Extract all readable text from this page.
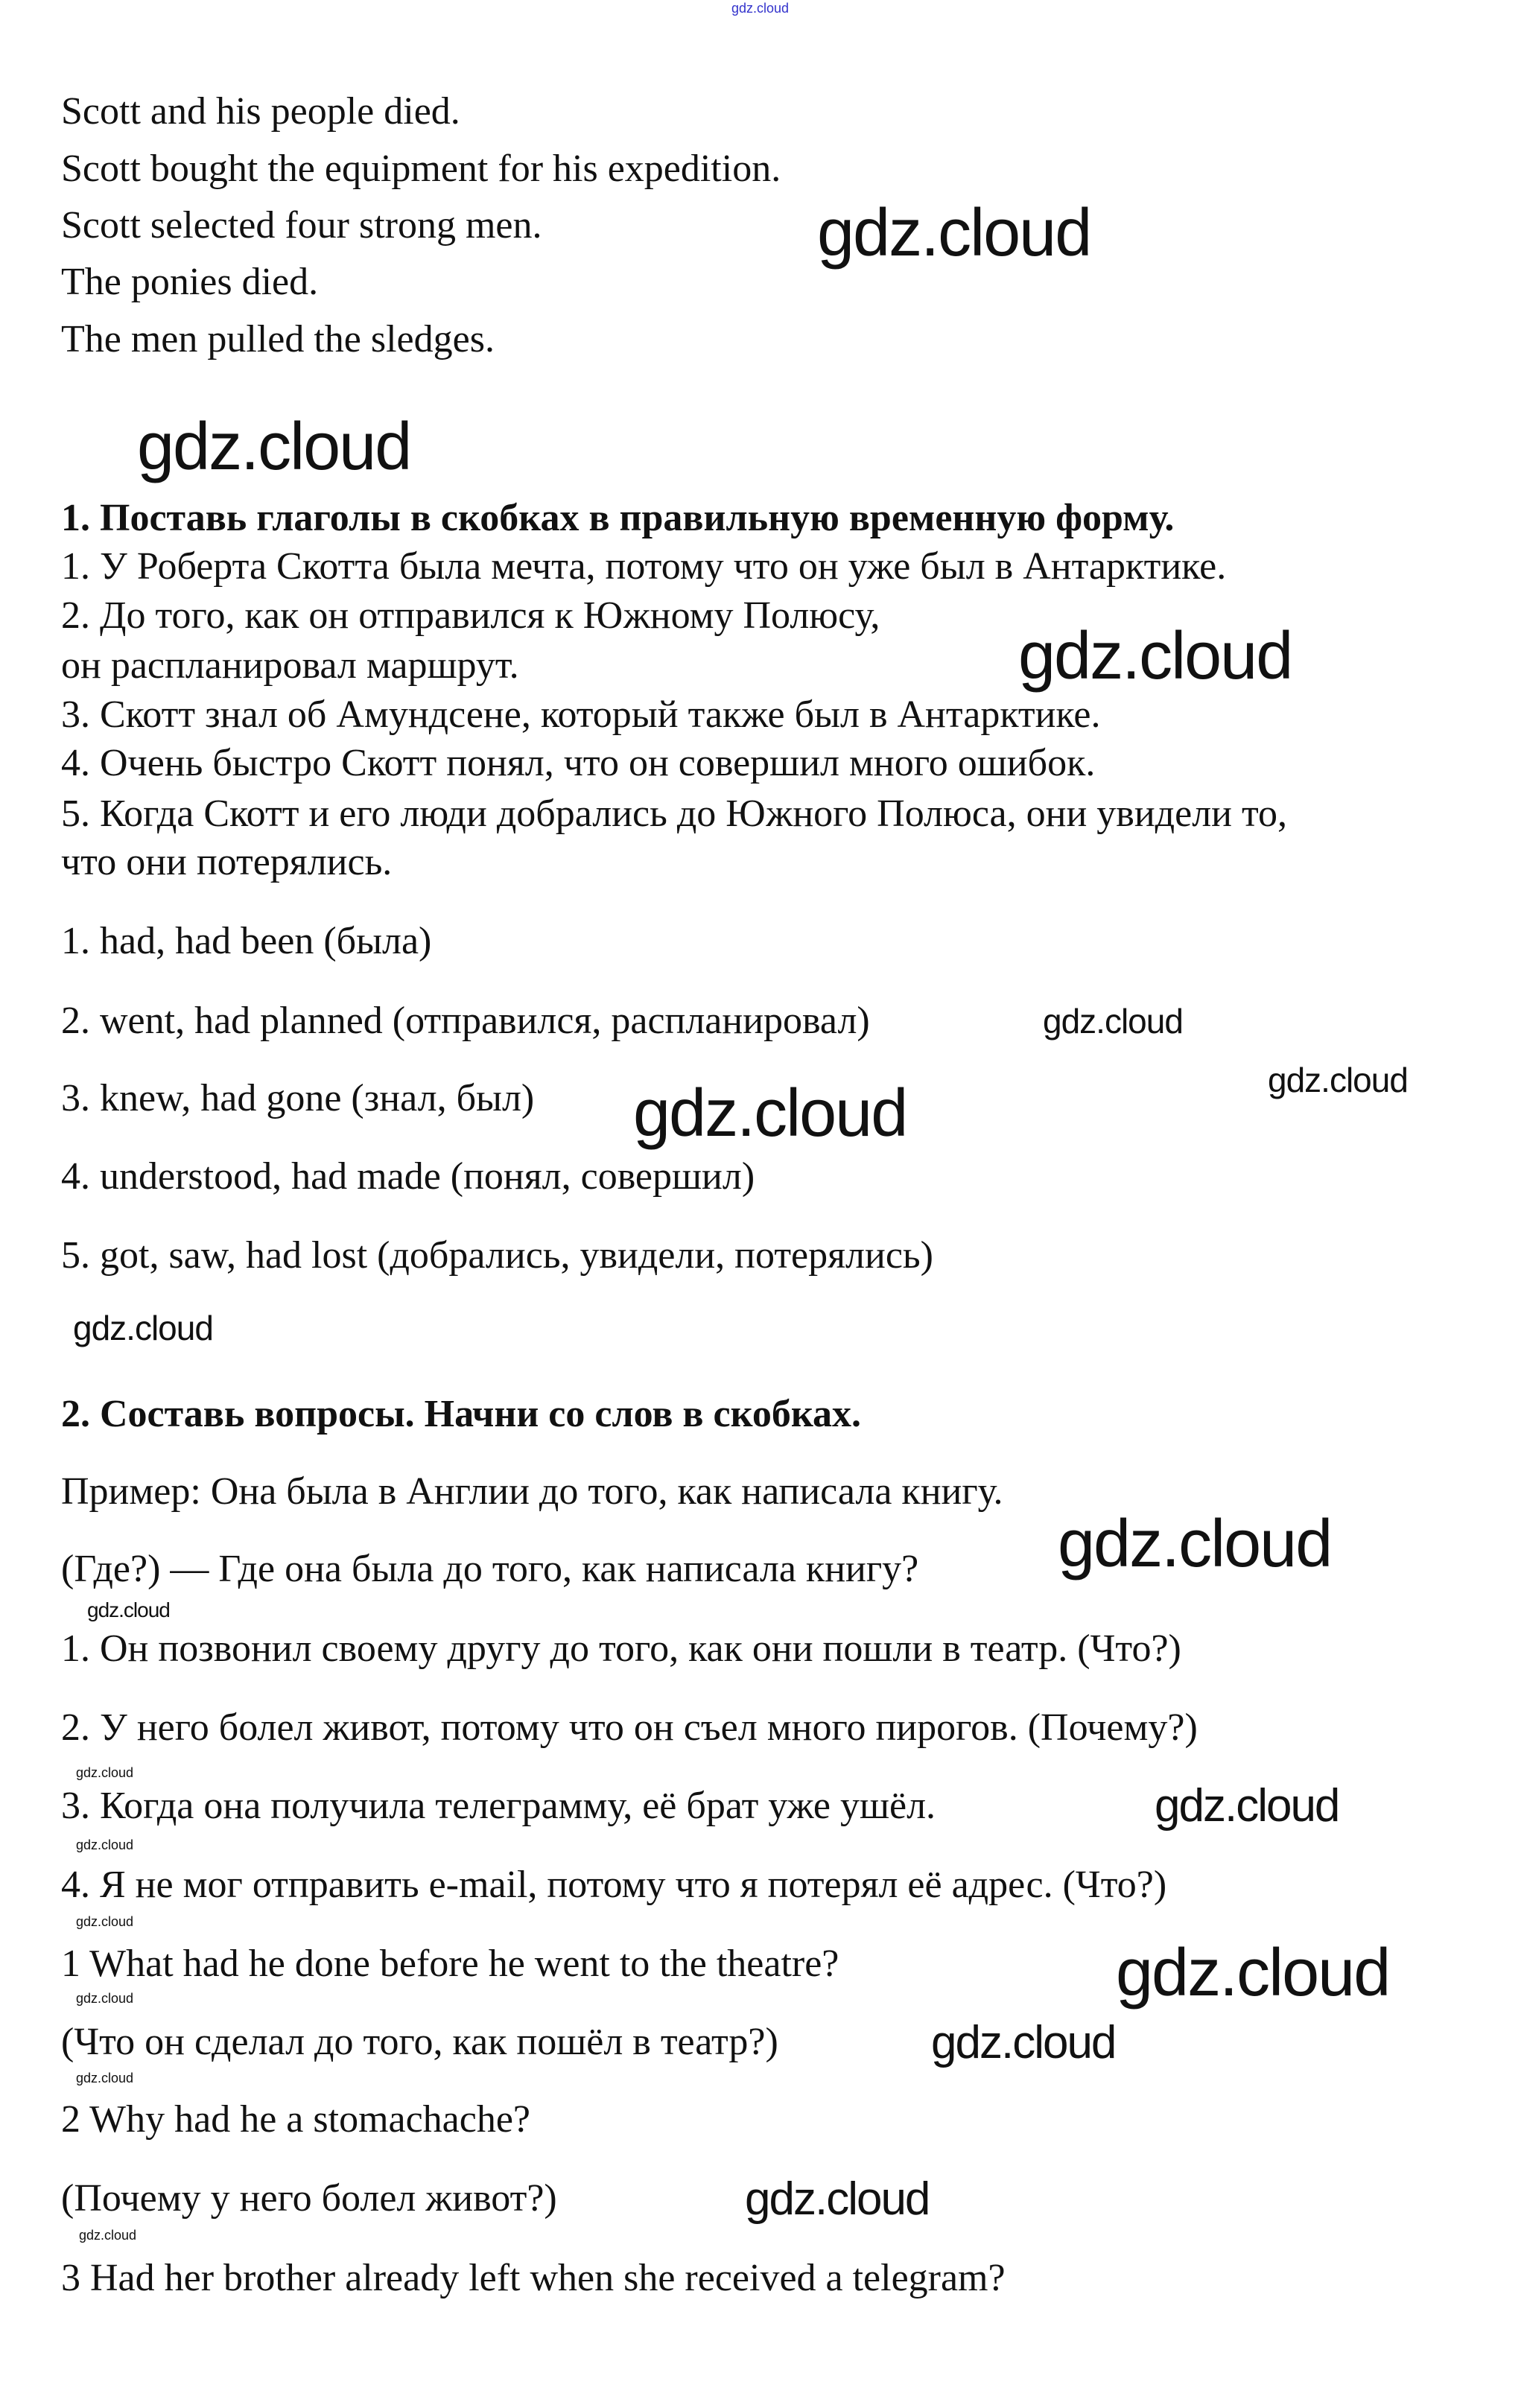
gdz.cloud
gdz.cloud
gdz.cloud
gdz.cloud
gdz.cloud
gdz.cloud
gdz.cloud
gdz.cloud
gdz.cloud
gdz.cloud
gdz.cloud
gdz.cloud
gdz.cloud
gdz.cloud
gdz.cloud
gdz.cloud	gdz.cloud
gdz.cloud
gdz.cloud
gdz.cloud
Scott and his people died.
Scott bought the equipment for his expedition.
Scott selected four strong men.
The ponies died.
The men pulled the sledges.
1. Поставь глаголы в скобках в правильную временную форму.
1. У Роберта Скотта была мечта, потому что он уже был в Антарктике.
2. До того, как он отправился к Южному Полюсу,
он распланировал маршрут.
3. Скотт знал об Амундсене, который также был в Антарктике.
4. Очень быстро Скотт понял, что он совершил много ошибок.
5. Когда Скотт и его люди добрались до Южного Полюса, они увидели то,
что они потерялись.
1. had, had been (была)
2. went, had planned (отправился, распланировал)
3. knew, had gone (знал, был)
4. understood, had made (понял, совершил)
5. got, saw, had lost (добрались, увидели, потерялись)
2. Составь вопросы. Начни со слов в скобках.
Пример: Она была в Англии до того, как написала книгу.
(Где?) — Где она была до того, как написала книгу?
1. Он позвонил своему другу до того, как они пошли в театр. (Что?)
2. У него болел живот, потому что он съел много пирогов. (Почему?)
3. Когда она получила телеграмму, её брат уже ушёл.
4. Я не мог отправить e-mail, потому что я потерял её адрес. (Что?)
1 What had he done before he went to the theatre?
(Что он сделал до того, как пошёл в театр?)
2 Why had he a stomachache?
(Почему у него болел живот?)
3 Had her brother already left when she received a telegram?
